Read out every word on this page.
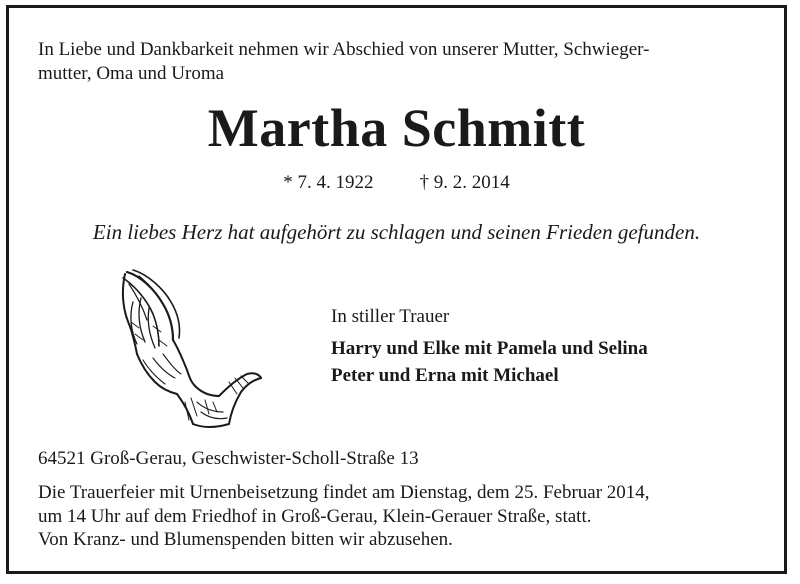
In Liebe und Dankbarkeit nehmen wir Abschied von unserer Mutter, Schwieger-
mutter, Oma und Uroma

Martha Schmitt
* 7. 4. 1922 † 9. 2. 2014

Ein liebes Herz hat aufgehört zu schlagen und seinen Frieden gefunden.

In stiller Trauer
Harry und Elke mit Pamela und Selina
Peter und Erna mit Michael
64521 Groß-Gerau, Geschwister-Scholl-Straße 13

Die Trauerfeier mit Urnenbeisetzung findet am Dienstag, dem 25. Februar 2014,
um 14 Uhr auf dem Friedhof in Groß-Gerau, Klein-Gerauer Straße, statt.
Von Kranz- und Blumenspenden bitten wir abzusehen.
